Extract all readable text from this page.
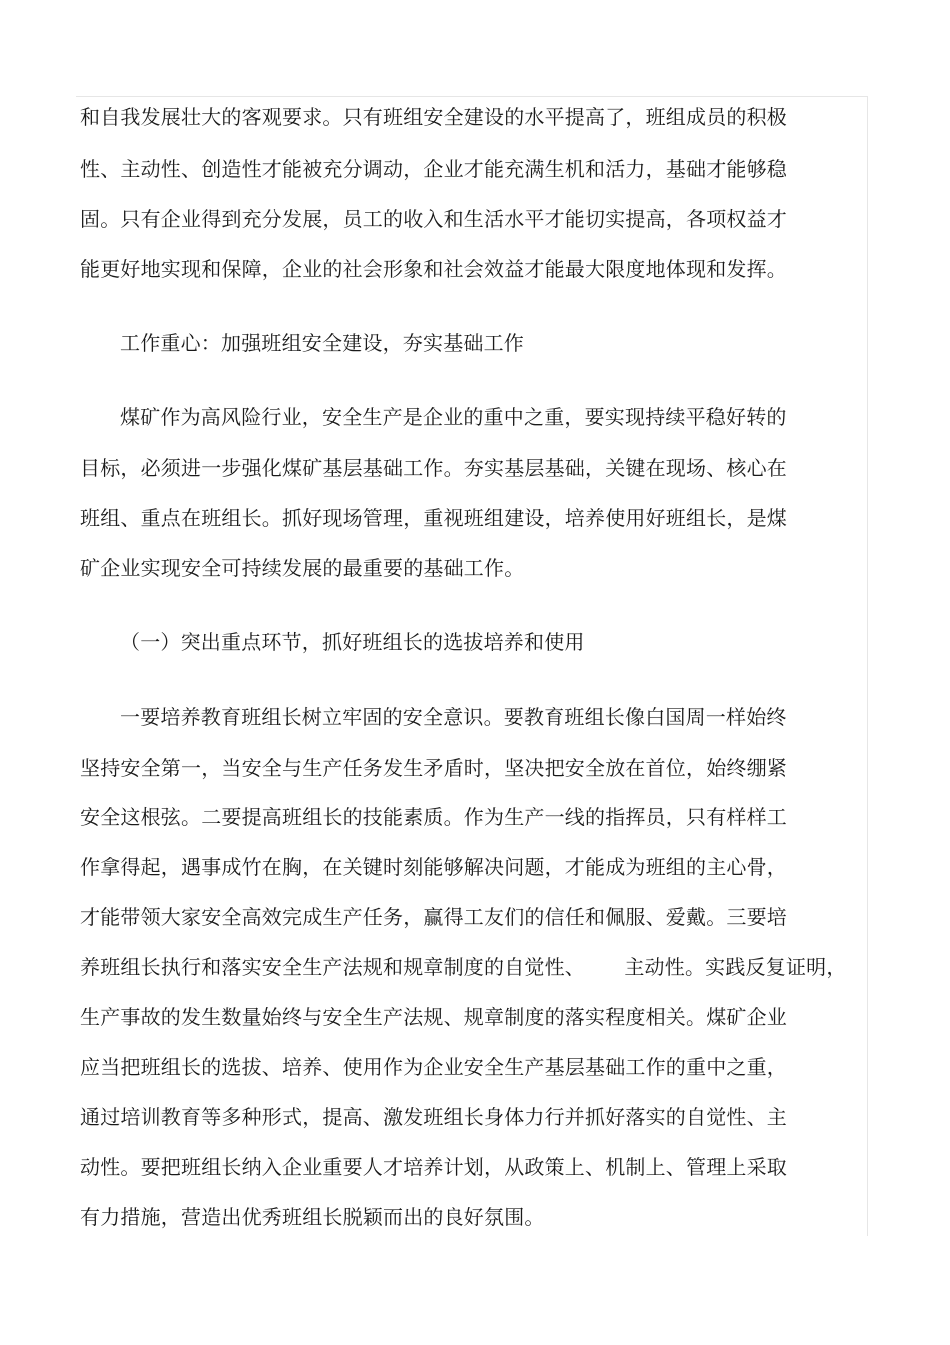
和自我发展壮大的客观要求。只有班组安全建设的水平提高了，班组成员的积极
性、主动性、创造性才能被充分调动，企业才能充满生机和活力，基础才能够稳
固。只有企业得到充分发展，员工的收入和生活水平才能切实提高，各项权益才
能更好地实现和保障，企业的社会形象和社会效益才能最大限度地体现和发挥。
工作重心：加强班组安全建设，夯实基础工作
煤矿作为高风险行业，安全生产是企业的重中之重，要实现持续平稳好转的
目标，必须进一步强化煤矿基层基础工作。夯实基层基础，关键在现场、核心在
班组、重点在班组长。抓好现场管理，重视班组建设，培养使用好班组长，是煤
矿企业实现安全可持续发展的最重要的基础工作。
（一）突出重点环节，抓好班组长的选拔培养和使用
一要培养教育班组长树立牢固的安全意识。要教育班组长像白国周一样始终
坚持安全第一，当安全与生产任务发生矛盾时，坚决把安全放在首位，始终绷紧
安全这根弦。二要提高班组长的技能素质。作为生产一线的指挥员，只有样样工
作拿得起，遇事成竹在胸，在关键时刻能够解决问题，才能成为班组的主心骨，
才能带领大家安全高效完成生产任务，赢得工友们的信任和佩服、爱戴。三要培
养班组长执行和落实安全生产法规和规章制度的自觉性、      主动性。实践反复证明，
生产事故的发生数量始终与安全生产法规、规章制度的落实程度相关。煤矿企业
应当把班组长的选拔、培养、使用作为企业安全生产基层基础工作的重中之重，
通过培训教育等多种形式，提高、激发班组长身体力行并抓好落实的自觉性、主
动性。要把班组长纳入企业重要人才培养计划，从政策上、机制上、管理上采取
有力措施，营造出优秀班组长脱颖而出的良好氛围。
